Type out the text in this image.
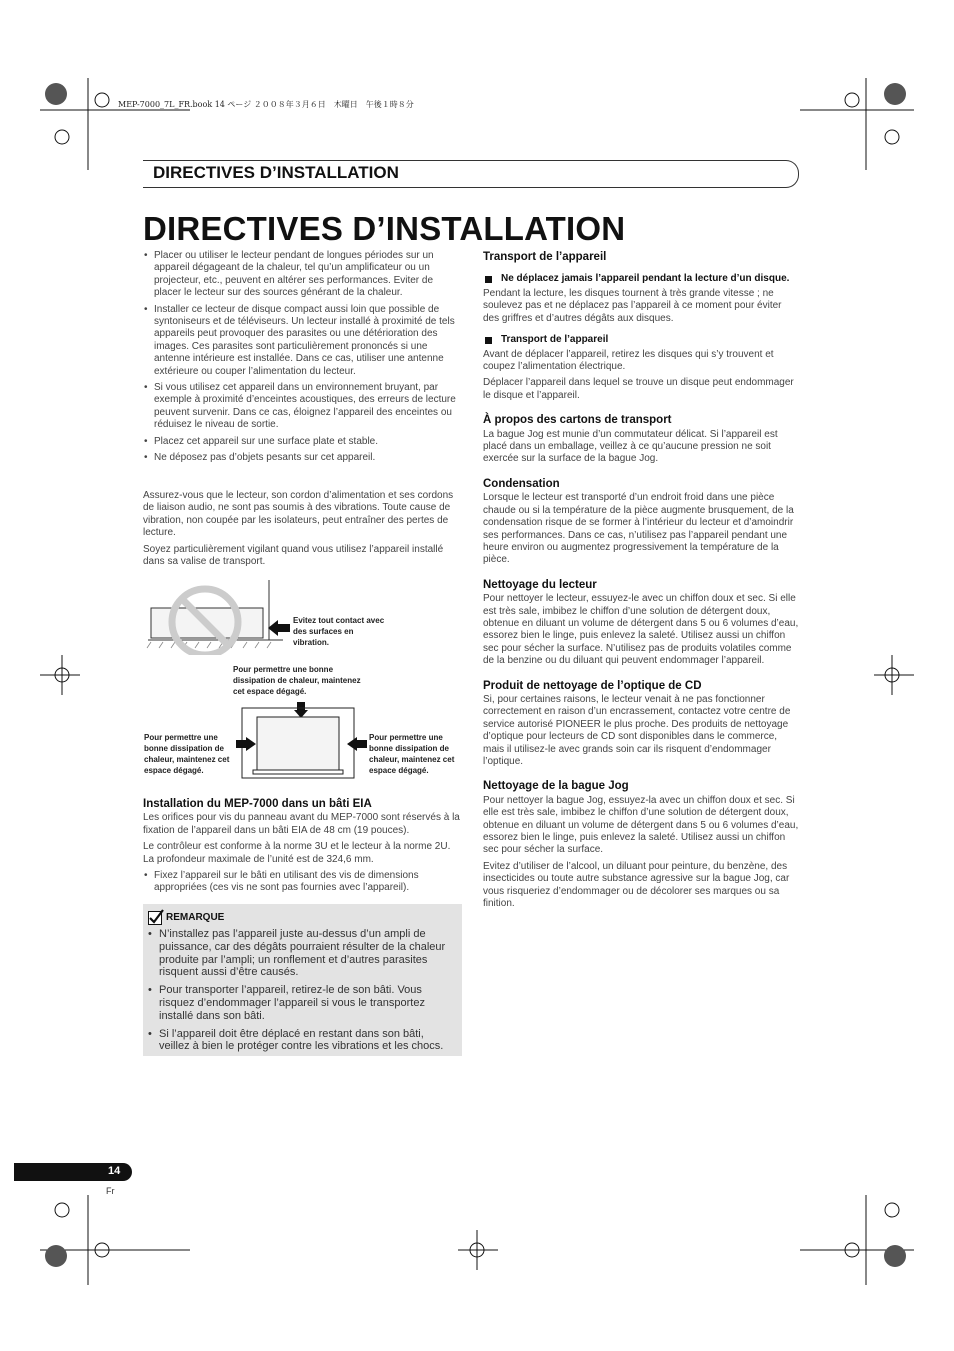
MEP-7000_7L_FR.book 14 ページ ２００８年３月６日　木曜日　午後１時８分
DIRECTIVES D’INSTALLATION
DIRECTIVES D’INSTALLATION
• Placer ou utiliser le lecteur pendant de longues périodes sur un appareil dégageant de la chaleur, tel qu’un amplificateur ou un projecteur, etc., peuvent en altérer ses performances. Eviter de placer le lecteur sur des sources générant de la chaleur.
• Installer ce lecteur de disque compact aussi loin que possible de syntoniseurs et de téléviseurs. Un lecteur installé à proximité de tels appareils peut provoquer des parasites ou une détérioration des images. Ces parasites sont particulièrement prononcés si une antenne intérieure est installée. Dans ce cas, utiliser une antenne extérieure ou couper l’alimentation du lecteur.
• Si vous utilisez cet appareil dans un environnement bruyant, par exemple à proximité d’enceintes acoustiques, des erreurs de lecture peuvent survenir. Dans ce cas, éloignez l’appareil des enceintes ou réduisez le niveau de sortie.
• Placez cet appareil sur une surface plate et stable.
• Ne déposez pas d’objets pesants sur cet appareil.

Assurez-vous que le lecteur, son cordon d’alimentation et ses cordons de liaison audio, ne sont pas soumis à des vibrations. Toute cause de vibration, non coupée par les isolateurs, peut entraîner des pertes de lecture.

Soyez particulièrement vigilant quand vous utilisez l’appareil installé dans sa valise de transport.

Evitez tout contact avec des surfaces en vibration.
Pour permettre une bonne dissipation de chaleur, maintenez cet espace dégagé.
Pour permettre une bonne dissipation de chaleur, maintenez cet espace dégagé.
Pour permettre une bonne dissipation de chaleur, maintenez cet espace dégagé.
Installation du MEP-7000 dans un bâti EIA

Les orifices pour vis du panneau avant du MEP-7000 sont réservés à la fixation de l’appareil dans un bâti EIA de 48 cm (19 pouces).

Le contrôleur est conforme à la norme 3U et le lecteur à la norme 2U. La profondeur maximale de l’unité est de 324,6 mm.

• Fixez l’appareil sur le bâti en utilisant des vis de dimensions appropriées (ces vis ne sont pas fournies avec l’appareil).
REMARQUE
• N’installez pas l’appareil juste au-dessus d’un ampli de puissance, car des dégâts pourraient résulter de la chaleur produite par l’ampli; un ronflement et d’autres parasites risquent aussi d’être causés.
• Pour transporter l’appareil, retirez-le de son bâti. Vous risquez d’endommager l’appareil si vous le transportez installé dans son bâti.
• Si l’appareil doit être déplacé en restant dans son bâti, veillez à bien le protéger contre les vibrations et les chocs.
Transport de l’appareil
Ne déplacez jamais l’appareil pendant la lecture d’un disque.

Pendant la lecture, les disques tournent à très grande vitesse ; ne soulevez pas et ne déplacez pas l’appareil à ce moment pour éviter des griffres et d’autres dégâts aux disques.

Transport de l’appareil

Avant de déplacer l’appareil, retirez les disques qui s’y trouvent et coupez l’alimentation électrique.

Déplacer l’appareil dans lequel se trouve un disque peut endommager le disque et l’appareil.

À propos des cartons de transport

La bague Jog est munie d’un commutateur délicat. Si l’appareil est placé dans un emballage, veillez à ce qu’aucune pression ne soit exercée sur la surface de la bague Jog.

Condensation

Lorsque le lecteur est transporté d’un endroit froid dans une pièce chaude ou si la température de la pièce augmente brusquement, de la condensation risque de se former à l’intérieur du lecteur et d’amoindrir ses performances. Dans ce cas, n’utilisez pas l’appareil pendant une heure environ ou augmentez progressivement la température de la pièce.

Nettoyage du lecteur

Pour nettoyer le lecteur, essuyez-le avec un chiffon doux et sec. Si elle est très sale, imbibez le chiffon d’une solution de détergent doux, obtenue en diluant un volume de détergent dans 5 ou 6 volumes d’eau, essorez bien le linge, puis enlevez la saleté. Utilisez aussi un chiffon sec pour sécher la surface. N’utilisez pas de produits volatiles comme de la benzine ou du diluant qui peuvent endommager l’appareil.

Produit de nettoyage de l’optique de CD

Si, pour certaines raisons, le lecteur venait à ne pas fonctionner correctement en raison d’un encrassement, contactez votre centre de service autorisé PIONEER le plus proche. Des produits de nettoyage d’optique pour lecteurs de CD sont disponibles dans le commerce, mais il utilisez-le avec grands soin car ils risquent d’endommager l’optique.

Nettoyage de la bague Jog

Pour nettoyer la bague Jog, essuyez-la avec un chiffon doux et sec. Si elle est très sale, imbibez le chiffon d’une solution de détergent doux, obtenue en diluant un volume de détergent dans 5 ou 6 volumes d’eau, essorez bien le linge, puis enlevez la saleté. Utilisez aussi un chiffon sec pour sécher la surface.

Evitez d’utiliser de l’alcool, un diluant pour peinture, du benzène, des insecticides ou toute autre substance agressive sur la bague Jog, car vous risqueriez d’endommager ou de décolorer ses marques ou sa finition.

14
Fr
